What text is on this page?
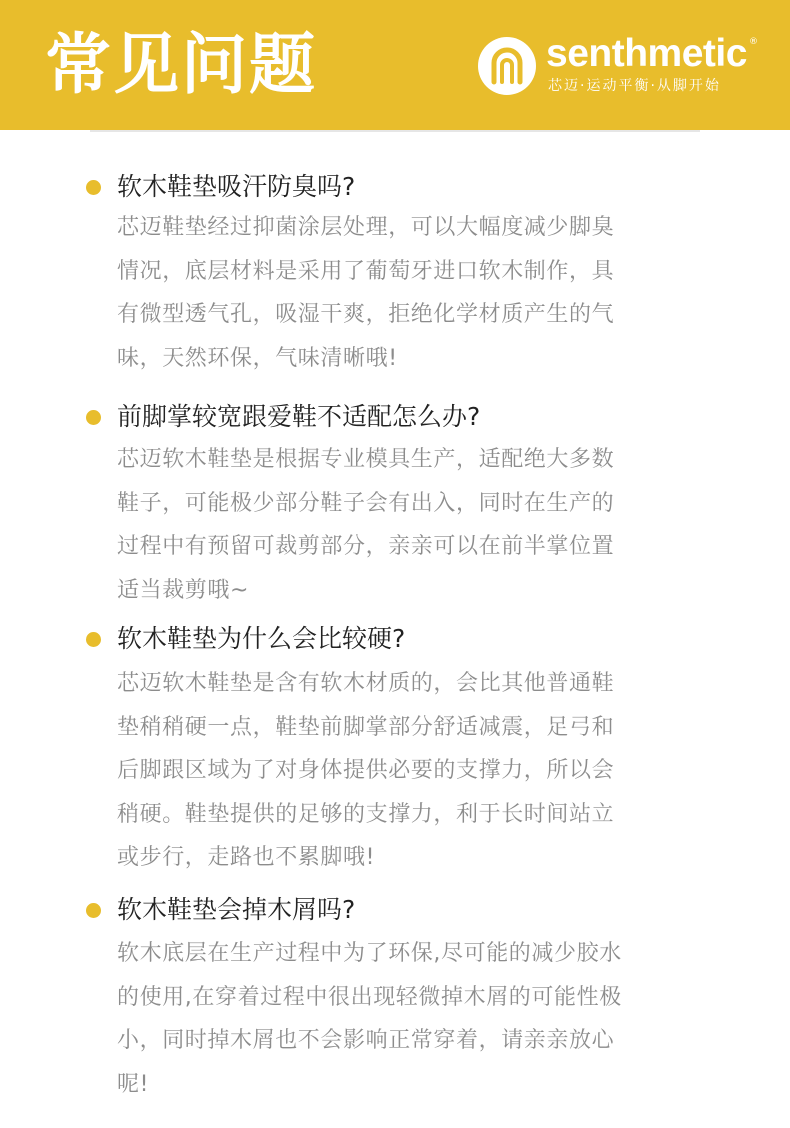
常见问题	senthmetic ®
芯迈·运动平衡·从脚开始
软木鞋垫吸汗防臭吗?
芯迈鞋垫经过抑菌涂层处理，可以大幅度减少脚臭
情况，底层材料是采用了葡萄牙进口软木制作，具
有微型透气孔，吸湿干爽，拒绝化学材质产生的气
味，天然环保，气味清晰哦!
前脚掌较宽跟爱鞋不适配怎么办?
芯迈软木鞋垫是根据专业模具生产，适配绝大多数
鞋子，可能极少部分鞋子会有出入，同时在生产的
过程中有预留可裁剪部分，亲亲可以在前半掌位置
适当裁剪哦~
软木鞋垫为什么会比较硬?
芯迈软木鞋垫是含有软木材质的，会比其他普通鞋
垫稍稍硬一点，鞋垫前脚掌部分舒适减震，足弓和
后脚跟区域为了对身体提供必要的支撑力，所以会
稍硬。鞋垫提供的足够的支撑力，利于长时间站立
或步行，走路也不累脚哦!
软木鞋垫会掉木屑吗?
软木底层在生产过程中为了环保,尽可能的减少胶水
的使用,在穿着过程中很出现轻微掉木屑的可能性极
小，同时掉木屑也不会影响正常穿着，请亲亲放心
呢!
